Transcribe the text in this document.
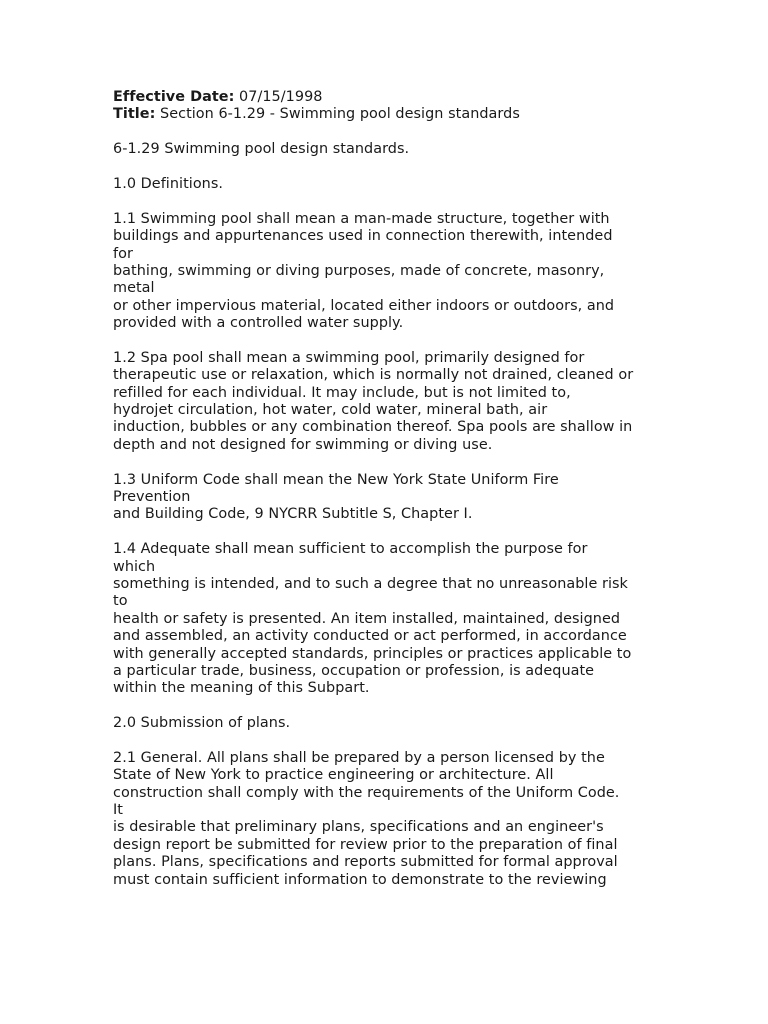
Effective Date: 07/15/1998
Title: Section 6-1.29 - Swimming pool design standards
6-1.29 Swimming pool design standards.
1.0 Definitions.
1.1 Swimming pool shall mean a man-made structure, together with
buildings and appurtenances used in connection therewith, intended
for
bathing, swimming or diving purposes, made of concrete, masonry,
metal
or other impervious material, located either indoors or outdoors, and
provided with a controlled water supply.
1.2 Spa pool shall mean a swimming pool, primarily designed for
therapeutic use or relaxation, which is normally not drained, cleaned or
refilled for each individual. It may include, but is not limited to,
hydrojet circulation, hot water, cold water, mineral bath, air
induction, bubbles or any combination thereof. Spa pools are shallow in
depth and not designed for swimming or diving use.
1.3 Uniform Code shall mean the New York State Uniform Fire
Prevention
and Building Code, 9 NYCRR Subtitle S, Chapter I.
1.4 Adequate shall mean sufficient to accomplish the purpose for
which
something is intended, and to such a degree that no unreasonable risk
to
health or safety is presented. An item installed, maintained, designed
and assembled, an activity conducted or act performed, in accordance
with generally accepted standards, principles or practices applicable to
a particular trade, business, occupation or profession, is adequate
within the meaning of this Subpart.
2.0 Submission of plans.
2.1 General. All plans shall be prepared by a person licensed by the
State of New York to practice engineering or architecture. All
construction shall comply with the requirements of the Uniform Code.
It
is desirable that preliminary plans, specifications and an engineer's
design report be submitted for review prior to the preparation of final
plans. Plans, specifications and reports submitted for formal approval
must contain sufficient information to demonstrate to the reviewing
